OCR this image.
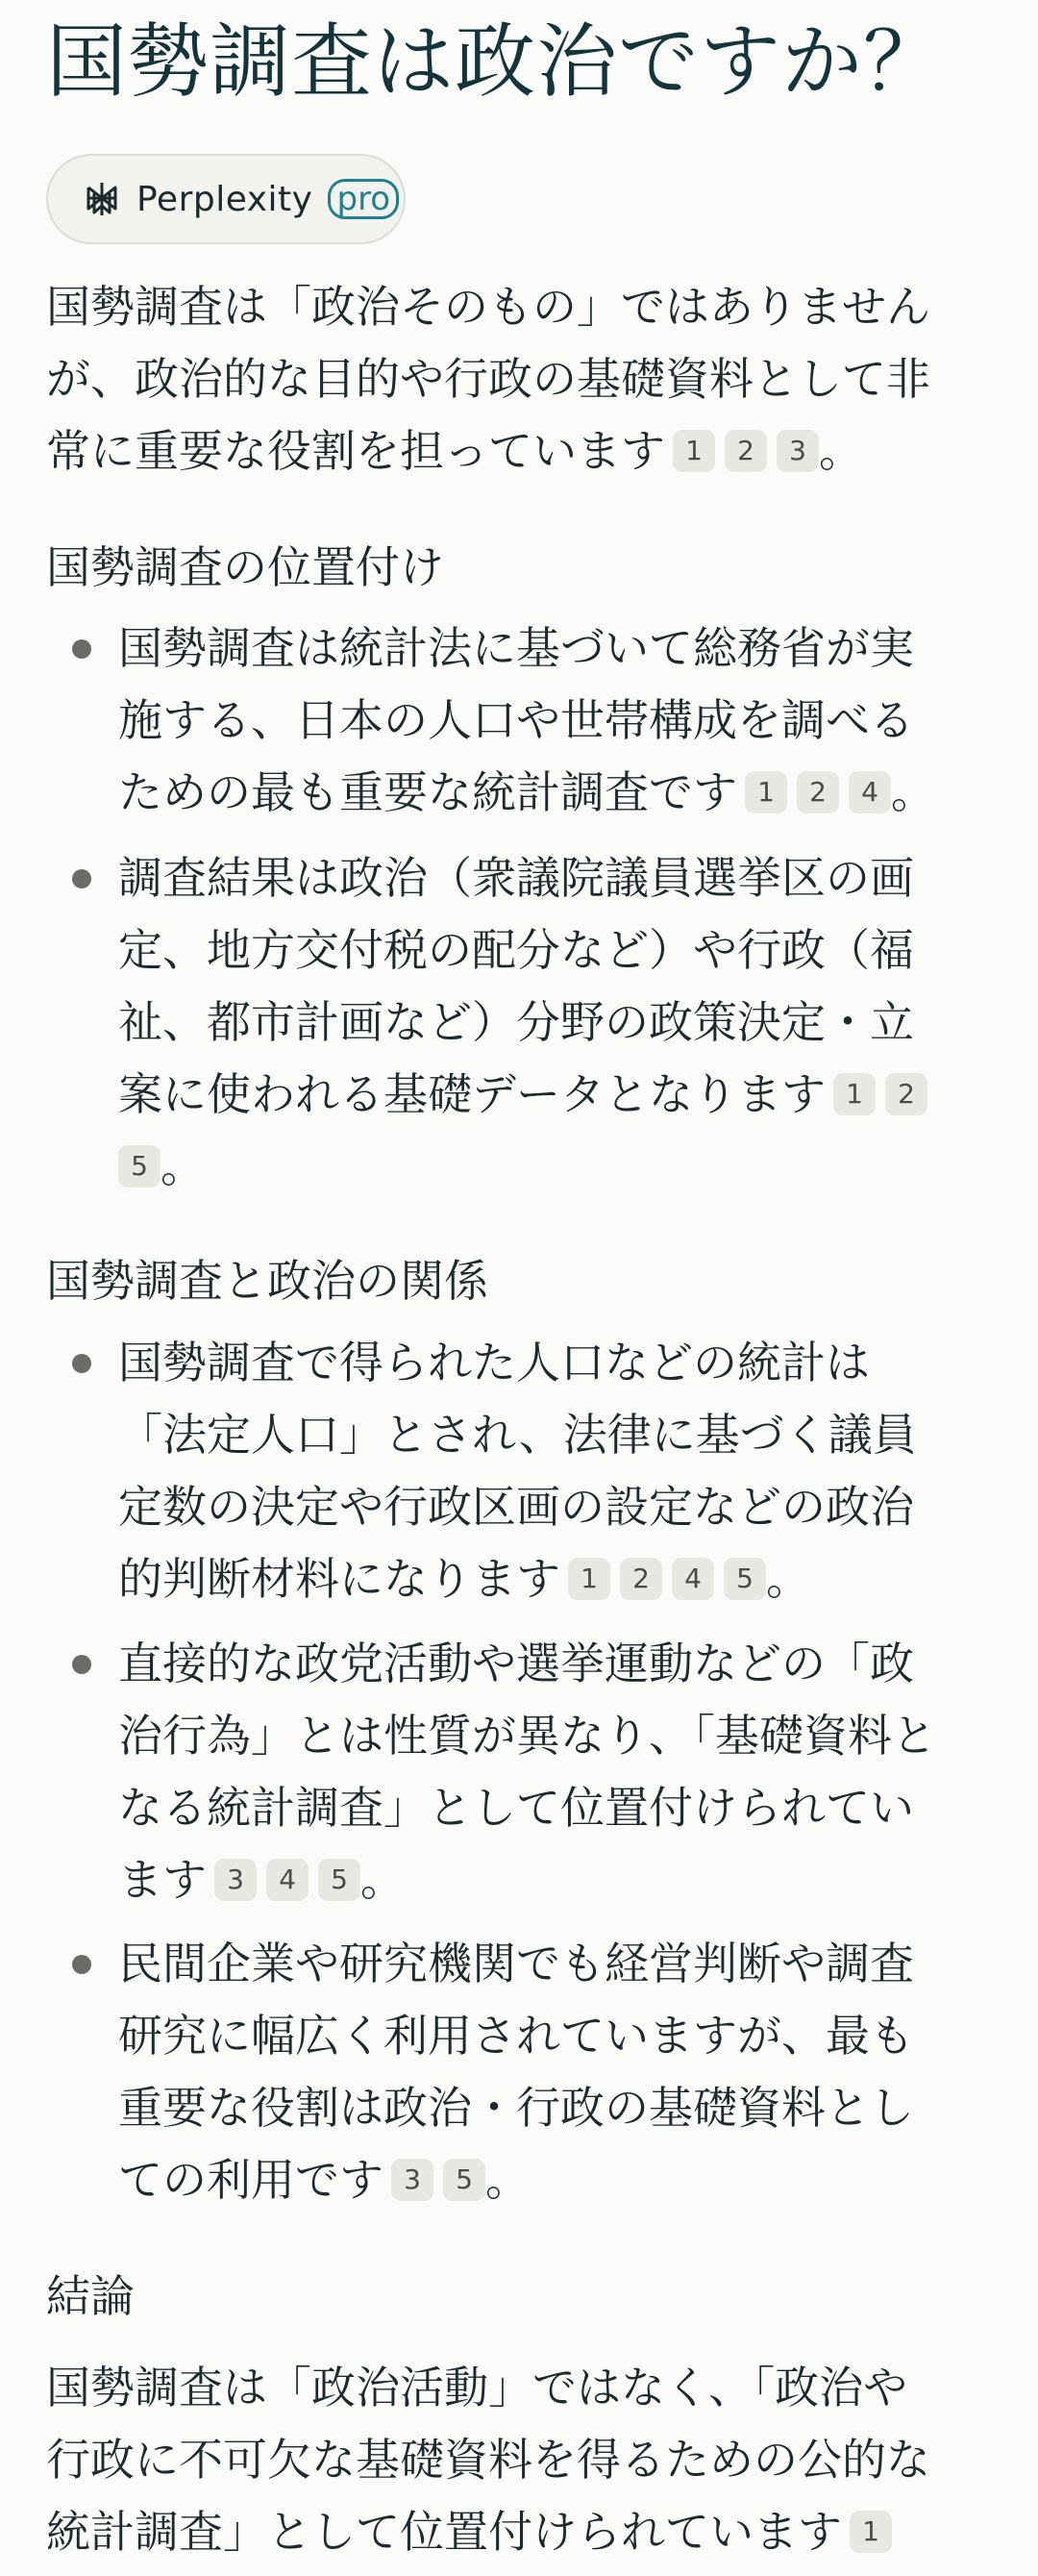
国勢調査は政治ですか？
Perplexity pro
国勢調査は「政治そのもの」ではありません
が、政治的な目的や行政の基礎資料として非
常に重要な役割を担っています 1 2 3 。
国勢調査の位置付け
国勢調査は統計法に基づいて総務省が実
施する、日本の人口や世帯構成を調べる
ための最も重要な統計調査です 1 2 4 。
調査結果は政治（衆議院議員選挙区の画
定、地方交付税の配分など）や行政（福
祉、都市計画など）分野の政策決定・立
案に使われる基礎データとなります 1 2
5 。
国勢調査と政治の関係
国勢調査で得られた人口などの統計は
「法定人口」とされ、法律に基づく議員
定数の決定や行政区画の設定などの政治
的判断材料になります 1 2 4 5 。
直接的な政党活動や選挙運動などの「政
治行為」とは性質が異なり、「基礎資料と
なる統計調査」として位置付けられてい
ます 3 4 5 。
民間企業や研究機関でも経営判断や調査
研究に幅広く利用されていますが、最も
重要な役割は政治・行政の基礎資料とし
ての利用です 3 5 。
結論
国勢調査は「政治活動」ではなく、「政治や
行政に不可欠な基礎資料を得るための公的な
統計調査」として位置付けられています 1
